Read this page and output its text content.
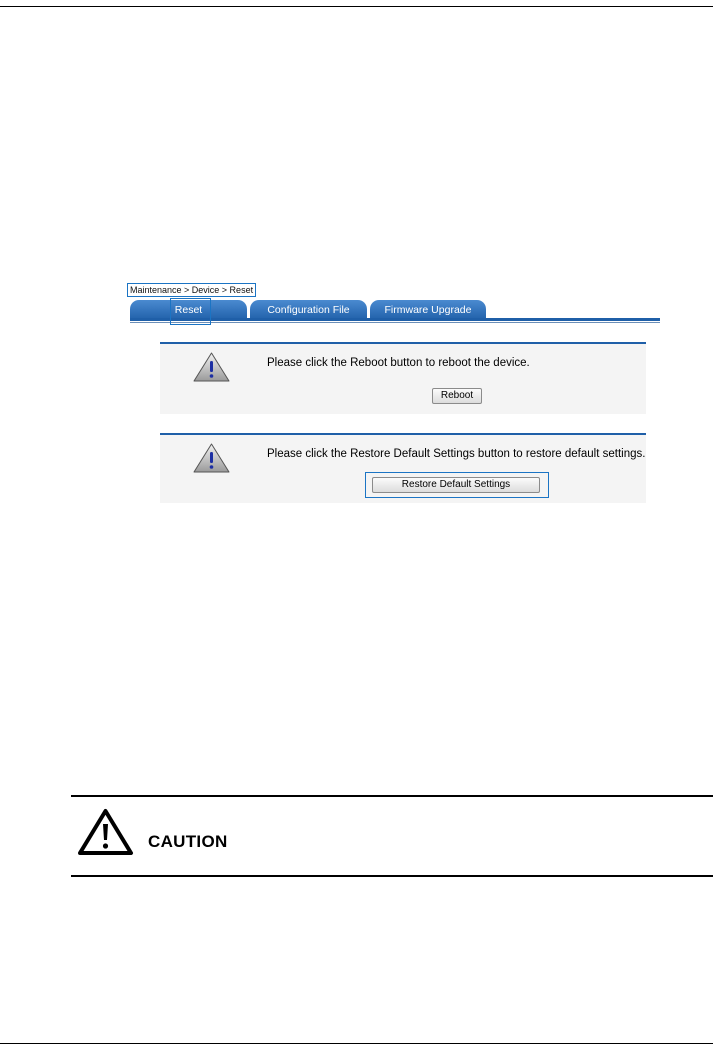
Maintenance > Device > Reset
Reset	Configuration File	Firmware Upgrade
Please click the Reboot button to reboot the device.
Reboot
Please click the Restore Default Settings button to restore default settings.
Restore Default Settings
CAUTION
